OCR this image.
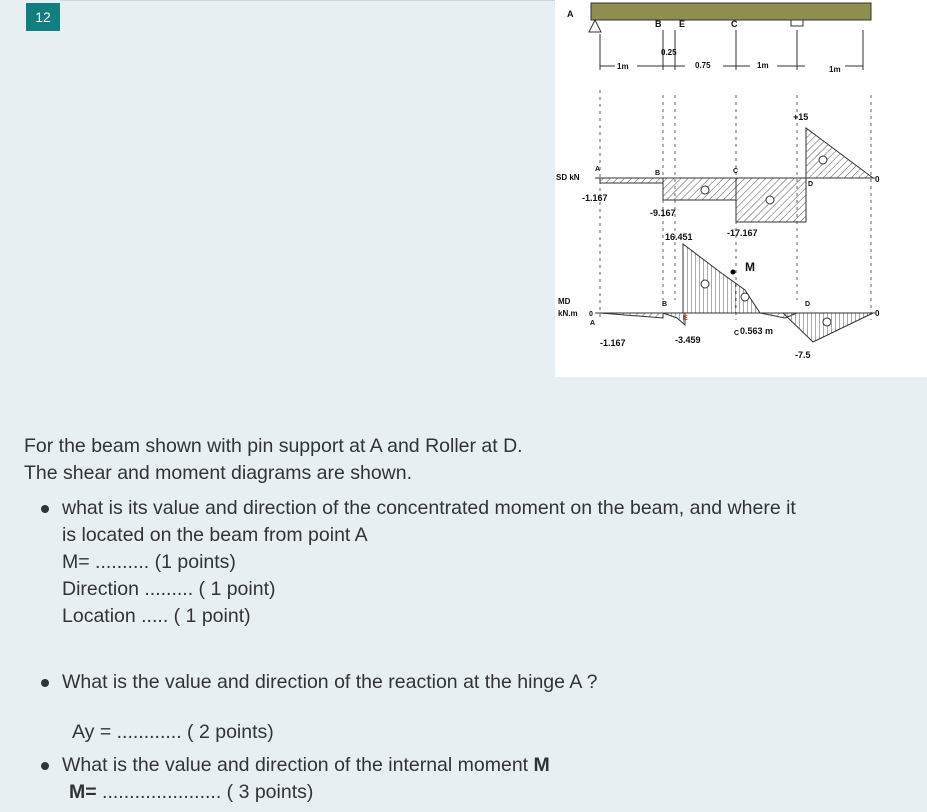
12	A
B E	C
1m
0.25
0.75	1m	1m
SD kN
A
B	C
D
+15
-1.167
-9.167
-17.167
0
MD
kN.m 0
A
B
E
C
D
M
16.451
-1.167	-3.459
0.563 m
-7.5
0

For the beam shown with pin support at A and Roller at D.

The shear and moment diagrams are shown.

what is its value and direction of the concentrated moment on the beam, and where it
is located on the beam from point A
M= .......... (1 points)
Direction ......... ( 1 point)
Location ..... ( 1 point)
What is the value and direction of the reaction at the hinge A ?
Ay = ............ ( 2 points)
What is the value and direction of the internal moment M
M= ...................... ( 3 points)
